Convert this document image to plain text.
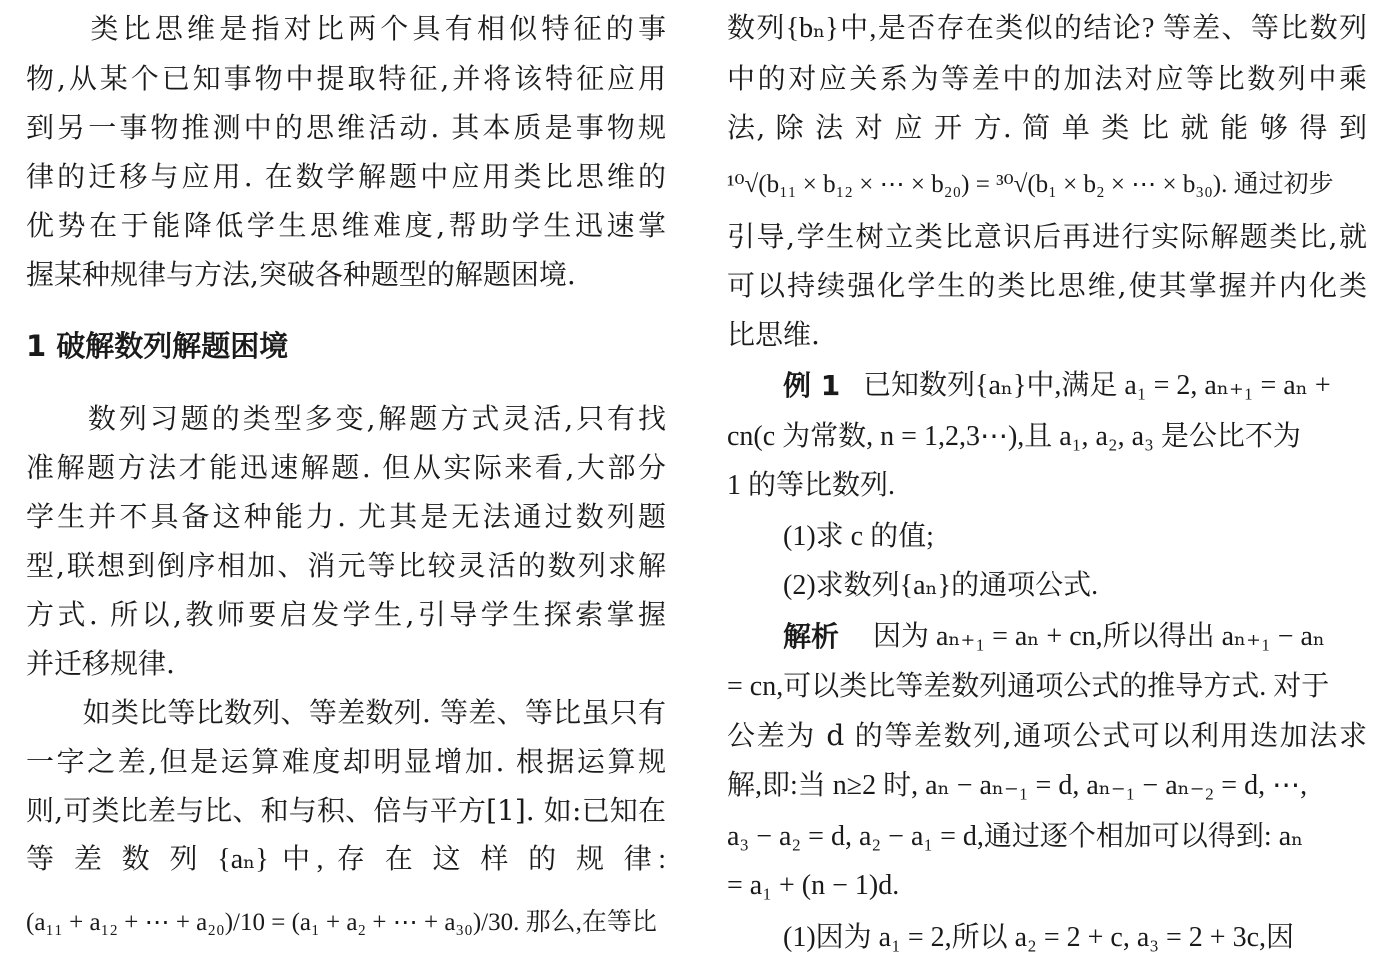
　　类比思维是指对比两个具有相似特征的事
物,从某个已知事物中提取特征,并将该特征应用
到另一事物推测中的思维活动. 其本质是事物规
律的迁移与应用. 在数学解题中应用类比思维的
优势在于能降低学生思维难度,帮助学生迅速掌
握某种规律与方法,突破各种题型的解题困境.
1 破解数列解题困境
　　数列习题的类型多变,解题方式灵活,只有找
准解题方法才能迅速解题. 但从实际来看,大部分
学生并不具备这种能力. 尤其是无法通过数列题
型,联想到倒序相加、消元等比较灵活的数列求解
方式. 所以,教师要启发学生,引导学生探索掌握
并迁移规律.
　　如类比等比数列、等差数列. 等差、等比虽只有
一字之差,但是运算难度却明显增加. 根据运算规
则,可类比差与比、和与积、倍与平方[1]. 如:已知在
等 差 数 列 {aₙ} 中, 存 在 这 样 的 规 律:
(a₁₁ + a₁₂ + ⋯ + a₂₀)/10 = (a₁ + a₂ + ⋯ + a₃₀)/30. 那么,在等比
数列{bₙ}中,是否存在类似的结论? 等差、等比数列
中的对应关系为等差中的加法对应等比数列中乘
法, 除 法 对 应 开 方. 简 单 类 比 就 能 够 得 到
¹⁰√(b₁₁ × b₁₂ × ⋯ × b₂₀) = ³⁰√(b₁ × b₂ × ⋯ × b₃₀). 通过初步
引导,学生树立类比意识后再进行实际解题类比,就
可以持续强化学生的类比思维,使其掌握并内化类
比思维.
例 1 已知数列{aₙ}中,满足 a₁ = 2, aₙ₊₁ = aₙ +
cn(c 为常数, n = 1,2,3⋯),且 a₁, a₂, a₃ 是公比不为
1 的等比数列.
(1)求 c 的值;
(2)求数列{aₙ}的通项公式.
解析	因为 aₙ₊₁ = aₙ + cn,所以得出 aₙ₊₁ − aₙ
= cn,可以类比等差数列通项公式的推导方式. 对于
公差为 d 的等差数列,通项公式可以利用迭加法求
解,即:当 n≥2 时, aₙ − aₙ₋₁ = d, aₙ₋₁ − aₙ₋₂ = d, ⋯,
a₃ − a₂ = d, a₂ − a₁ = d,通过逐个相加可以得到: aₙ
= a₁ + (n − 1)d.
(1)因为 a₁ = 2,所以 a₂ = 2 + c, a₃ = 2 + 3c,因
